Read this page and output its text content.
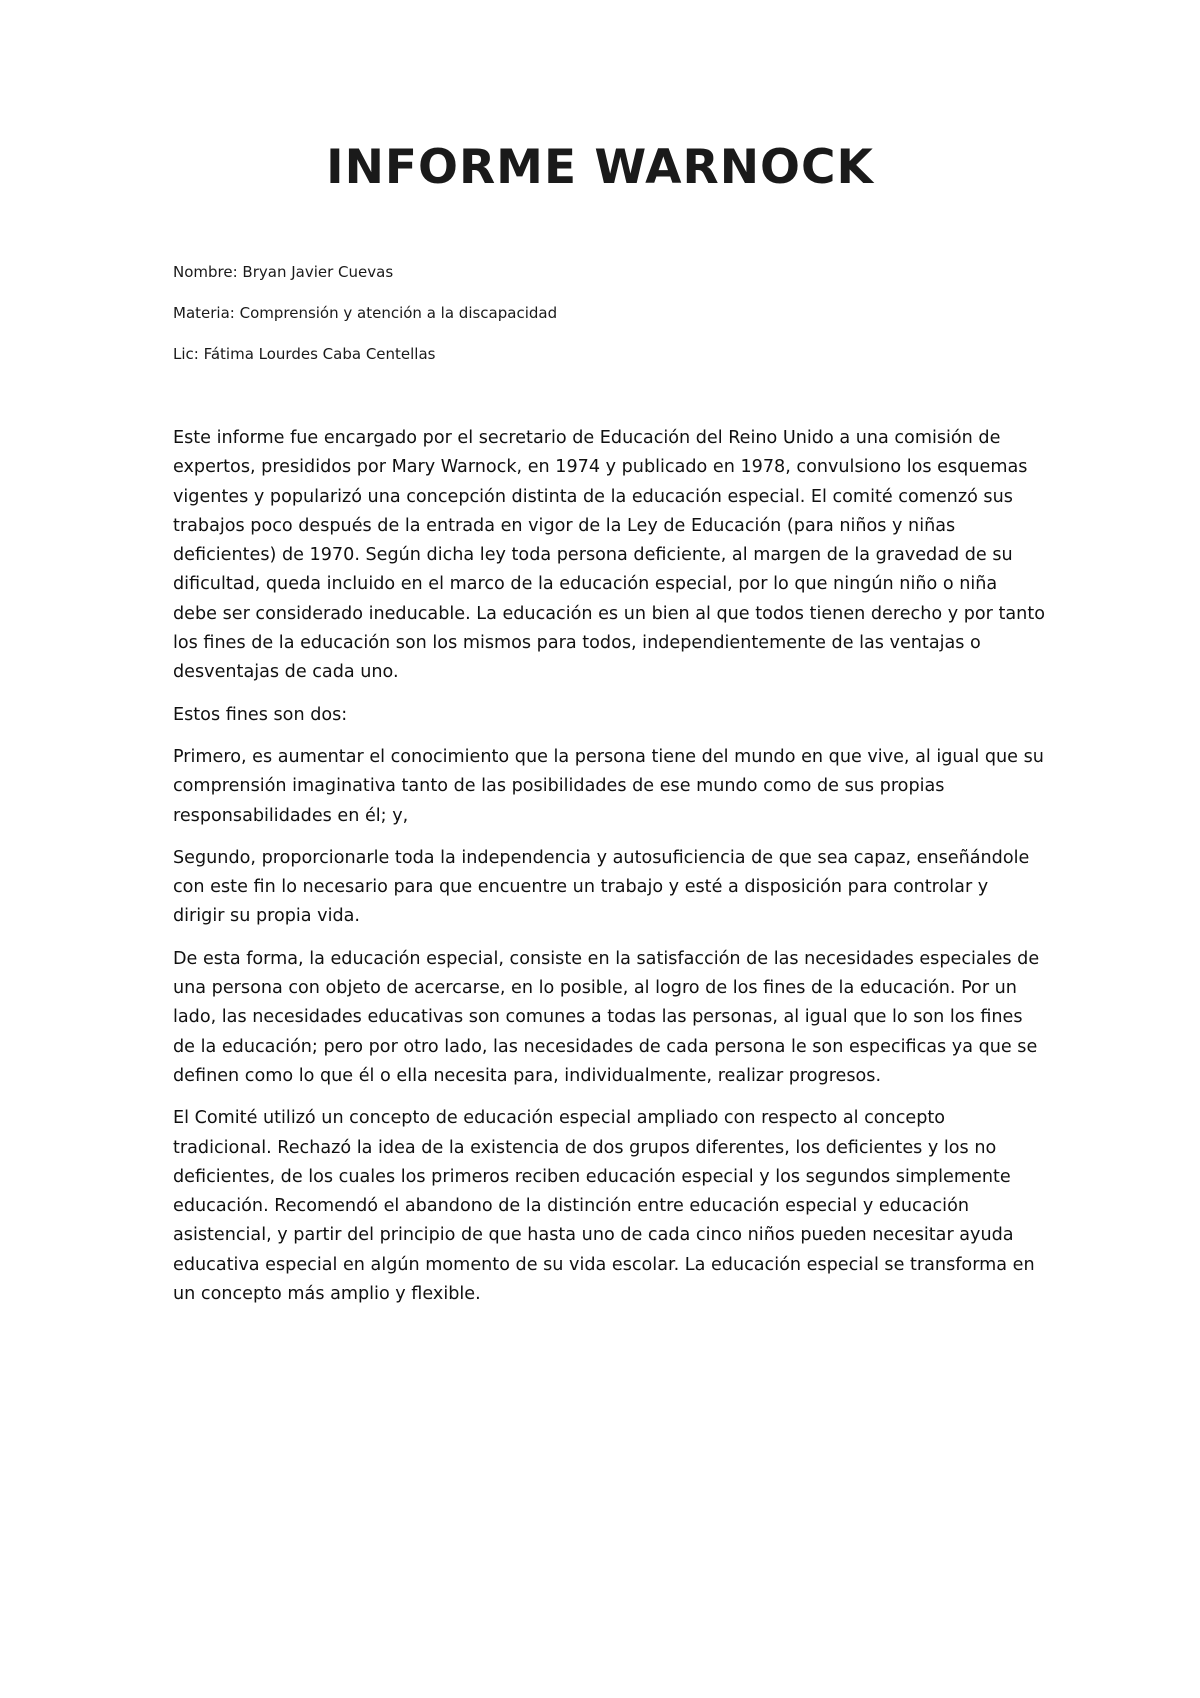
INFORME WARNOCK

Nombre: Bryan Javier Cuevas

Materia: Comprensión y atención a la discapacidad

Lic: Fátima Lourdes Caba Centellas

Este informe fue encargado por el secretario de Educación del Reino Unido a una comisión de expertos, presididos por Mary Warnock, en 1974 y publicado en 1978, convulsiono los esquemas vigentes y popularizó una concepción distinta de la educación especial. El comité comenzó sus trabajos poco después de la entrada en vigor de la Ley de Educación (para niños y niñas deficientes) de 1970. Según dicha ley toda persona deficiente, al margen de la gravedad de su dificultad, queda incluido en el marco de la educación especial, por lo que ningún niño o niña debe ser considerado ineducable. La educación es un bien al que todos tienen derecho y por tanto los fines de la educación son los mismos para todos, independientemente de las ventajas o desventajas de cada uno.

Estos fines son dos:

Primero, es aumentar el conocimiento que la persona tiene del mundo en que vive, al igual que su comprensión imaginativa tanto de las posibilidades de ese mundo como de sus propias responsabilidades en él; y,

Segundo, proporcionarle toda la independencia y autosuficiencia de que sea capaz, enseñándole con este fin lo necesario para que encuentre un trabajo y esté a disposición para controlar y dirigir su propia vida.

De esta forma, la educación especial, consiste en la satisfacción de las necesidades especiales de una persona con objeto de acercarse, en lo posible, al logro de los fines de la educación. Por un lado, las necesidades educativas son comunes a todas las personas, al igual que lo son los fines de la educación; pero por otro lado, las necesidades de cada persona le son especificas ya que se definen como lo que él o ella necesita para, individualmente, realizar progresos.

El Comité utilizó un concepto de educación especial ampliado con respecto al concepto tradicional. Rechazó la idea de la existencia de dos grupos diferentes, los deficientes y los no deficientes, de los cuales los primeros reciben educación especial y los segundos simplemente educación. Recomendó el abandono de la distinción entre educación especial y educación asistencial, y partir del principio de que hasta uno de cada cinco niños pueden necesitar ayuda educativa especial en algún momento de su vida escolar. La educación especial se transforma en un concepto más amplio y flexible.
